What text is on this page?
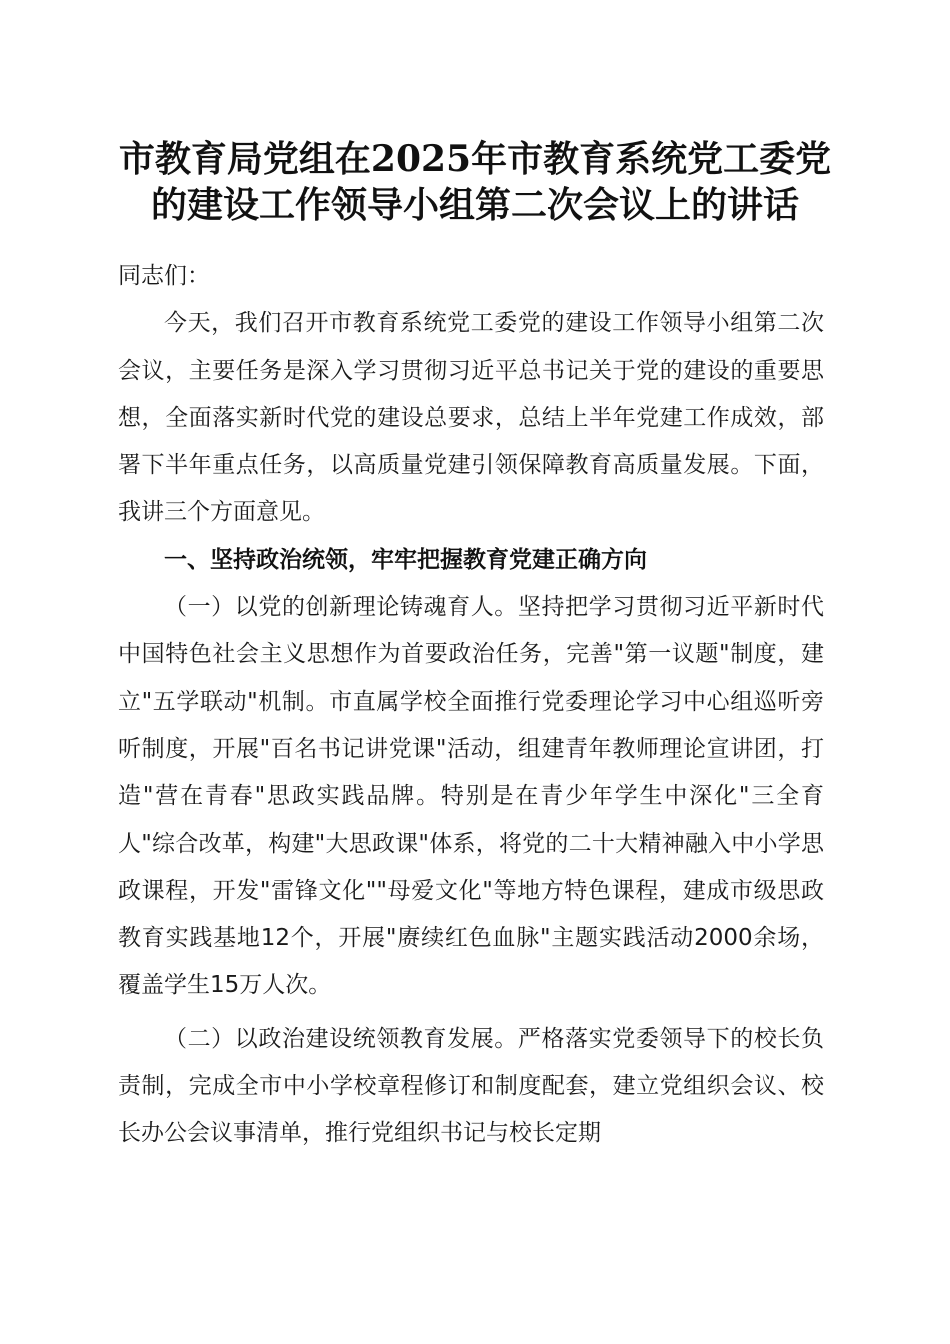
市教育局党组在2025年市教育系统党工委党
的建设工作领导小组第二次会议上的讲话

同志们：

今天，我们召开市教育系统党工委党的建设工作领导小组第二次会议，主要任务是深入学习贯彻习近平总书记关于党的建设的重要思想，全面落实新时代党的建设总要求，总结上半年党建工作成效，部署下半年重点任务，以高质量党建引领保障教育高质量发展。下面，我讲三个方面意见。

一、坚持政治统领，牢牢把握教育党建正确方向

（一）以党的创新理论铸魂育人。坚持把学习贯彻习近平新时代中国特色社会主义思想作为首要政治任务，完善"第一议题"制度，建立"五学联动"机制。市直属学校全面推行党委理论学习中心组巡听旁听制度，开展"百名书记讲党课"活动，组建青年教师理论宣讲团，打造"营在青春"思政实践品牌。特别是在青少年学生中深化"三全育人"综合改革，构建"大思政课"体系，将党的二十大精神融入中小学思政课程，开发"雷锋文化""母爱文化"等地方特色课程，建成市级思政教育实践基地12个，开展"赓续红色血脉"主题实践活动2000余场，覆盖学生15万人次。

（二）以政治建设统领教育发展。严格落实党委领导下的校长负责制，完成全市中小学校章程修订和制度配套，建立党组织会议、校长办公会议事清单，推行党组织书记与校长定期
